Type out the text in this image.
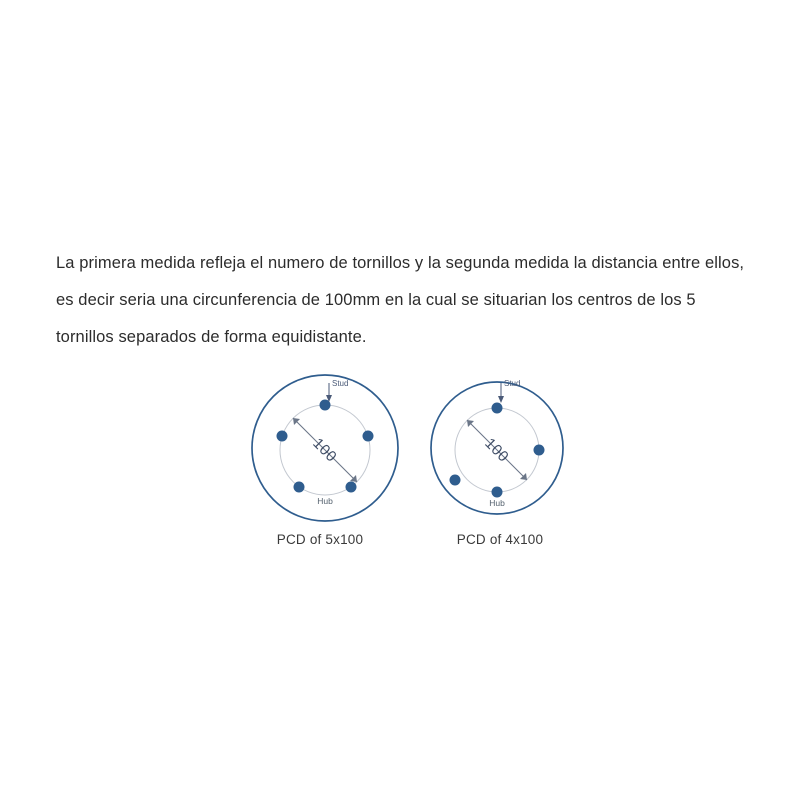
La primera medida refleja el numero de tornillos y la segunda medida la distancia entre ellos, es decir seria una circunferencia de 100mm en la cual se situarian los centros de los 5 tornillos separados de forma equidistante.

100
Stud
Hub
100
Stud
Hub
PCD of 5x100	PCD of 4x100
